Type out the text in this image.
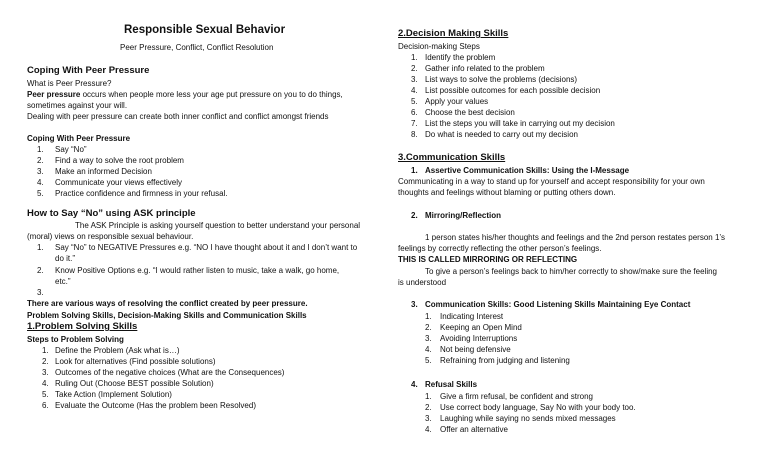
Responsible Sexual Behavior
Peer Pressure, Conflict, Conflict Resolution
Coping With Peer Pressure
What is Peer Pressure?
Peer pressure occurs when people more less your age put pressure on you to do things,
sometimes against your will.
Dealing with peer pressure can create both inner conflict and conflict amongst friends
Coping With Peer Pressure
1. Say “No”
2. Find a way to solve the root problem
3. Make an informed Decision
4. Communicate your views effectively
5. Practice confidence and firmness in your refusal.
How to Say “No” using ASK principle
The ASK Principle is asking yourself question to better understand your personal
(moral) views on responsible sexual behaviour.
1. Say “No” to NEGATIVE Pressures e.g. “NO I have thought about it and I don’t want to
do it.”
2. Know Positive Options e.g. “I would rather listen to music, take a walk, go home,
etc.”
3.
There are various ways of resolving the conflict created by peer pressure.
Problem Solving Skills, Decision-Making Skills and Communication Skills
1.Problem Solving Skills
Steps to Problem Solving
1. Define the Problem (Ask what is…)
2. Look for alternatives (Find possible solutions)
3. Outcomes of the negative choices (What are the Consequences)
4. Ruling Out (Choose BEST possible Solution)
5. Take Action (Implement Solution)
6. Evaluate the Outcome (Has the problem been Resolved)
2.Decision Making Skills
Decision-making Steps
1. Identify the problem
2. Gather info related to the problem
3. List ways to solve the problems (decisions)
4. List possible outcomes for each possible decision
5. Apply your values
6. Choose the best decision
7. List the steps you will take in carrying out my decision
8. Do what is needed to carry out my decision
3.Communication Skills
1. Assertive Communication Skills: Using the I-Message
Communicating in a way to stand up for yourself and accept responsibility for your own
thoughts and feelings without blaming or putting others down.
2. Mirroring/Reflection
1 person states his/her thoughts and feelings and the 2nd person restates person 1’s
feelings by correctly reflecting the other person’s feelings.
THIS IS CALLED MIRRORING OR REFLECTING
To give a person’s feelings back to him/her correctly to show/make sure the feeling
is understood
3. Communication Skills: Good Listening Skills Maintaining Eye Contact
1. Indicating Interest
2. Keeping an Open Mind
3. Avoiding Interruptions
4. Not being defensive
5. Refraining from judging and listening
4. Refusal Skills
1. Give a firm refusal, be confident and strong
2. Use correct body language, Say No with your body too.
3. Laughing while saying no sends mixed messages
4. Offer an alternative
